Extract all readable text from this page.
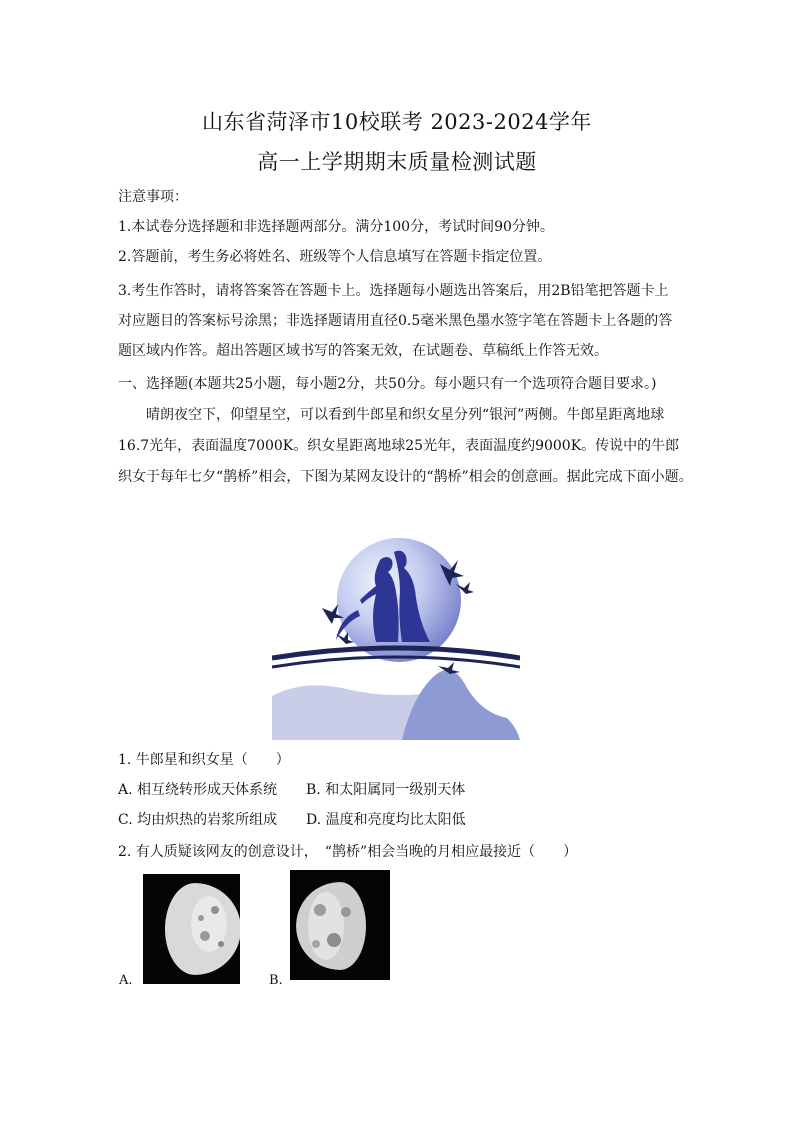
山东省菏泽市10校联考 2023-2024学年
高一上学期期末质量检测试题
注意事项：
1.本试卷分选择题和非选择题两部分。满分100分，考试时间90分钟。
2.答题前，考生务必将姓名、班级等个人信息填写在答题卡指定位置。
3.考生作答时，请将答案答在答题卡上。选择题每小题选出答案后，用2B铅笔把答题卡上
对应题目的答案标号涂黑；非选择题请用直径0.5毫米黑色墨水签字笔在答题卡上各题的答
题区域内作答。超出答题区域书写的答案无效，在试题卷、草稿纸上作答无效。
一、选择题(本题共25小题，每小题2分，共50分。每小题只有一个选项符合题目要求。)
晴朗夜空下，仰望星空，可以看到牛郎星和织女星分列“银河”两侧。牛郎星距离地球
16.7光年，表面温度7000K。织女星距离地球25光年，表面温度约9000K。传说中的牛郎
织女于每年七夕“鹊桥”相会，下图为某网友设计的“鹊桥”相会的创意画。据此完成下面小题。
1. 牛郎星和织女星（　　）
A. 相互绕转形成天体系统 B. 和太阳属同一级别天体
C. 均由炽热的岩浆所组成 D. 温度和亮度均比太阳低
2. 有人质疑该网友的创意设计，　“鹊桥”相会当晚的月相应最接近（　　）
A.	B.
